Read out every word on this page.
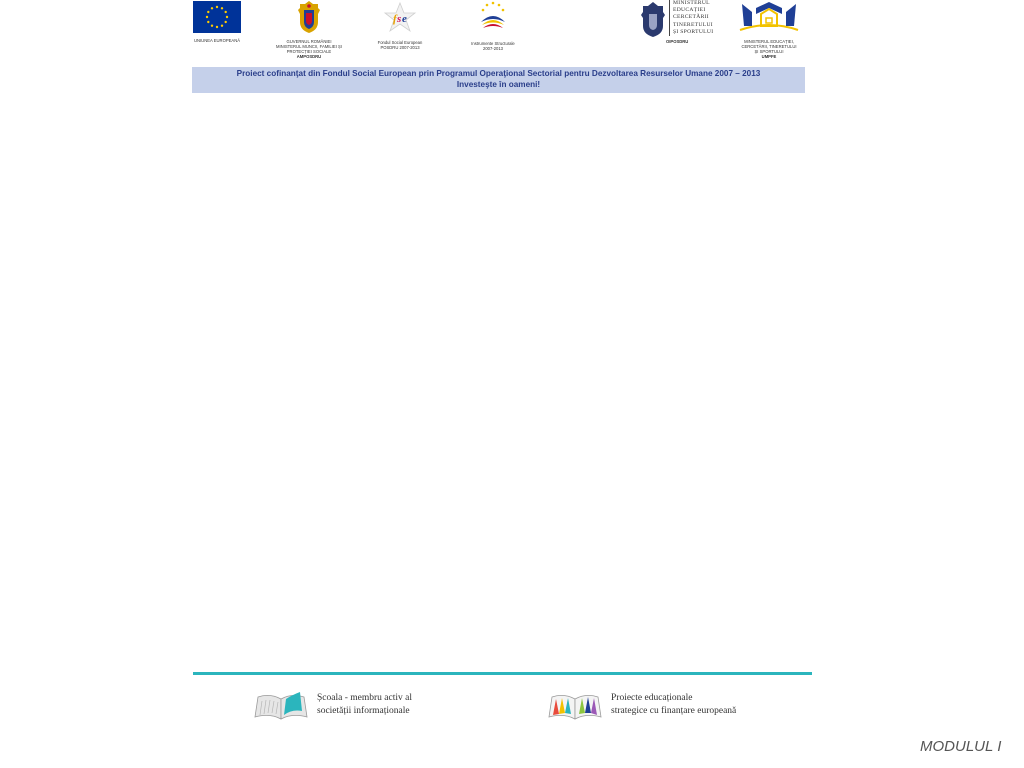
UNIUNEA EUROPEANĂ	GUVERNUL ROMÂNIEI
MINISTERUL MUNCII, FAMILIEI ȘI
PROTECȚIEI SOCIALE
AMPOSDRU
f s e
Fondul Social European
POSDRU 2007-2013
Instrumente Structurale
2007-2013
MINISTERUL
EDUCAȚIEI
CERCETĂRII
TINERETULUI
ȘI SPORTULUI
OIPOSDRU	MINISTERUL EDUCAȚIEI,
CERCETĂRII, TINERETULUI
ȘI SPORTULUI
UMPFE
Proiect cofinanţat din Fondul Social European prin Programul Operaţional Sectorial pentru Dezvoltarea Resurselor Umane 2007 – 2013
Investeşte în oameni!
Școala - membru activ al
societății informaționale
Proiecte educaționale
strategice cu finanțare europeană
MODULUL I
